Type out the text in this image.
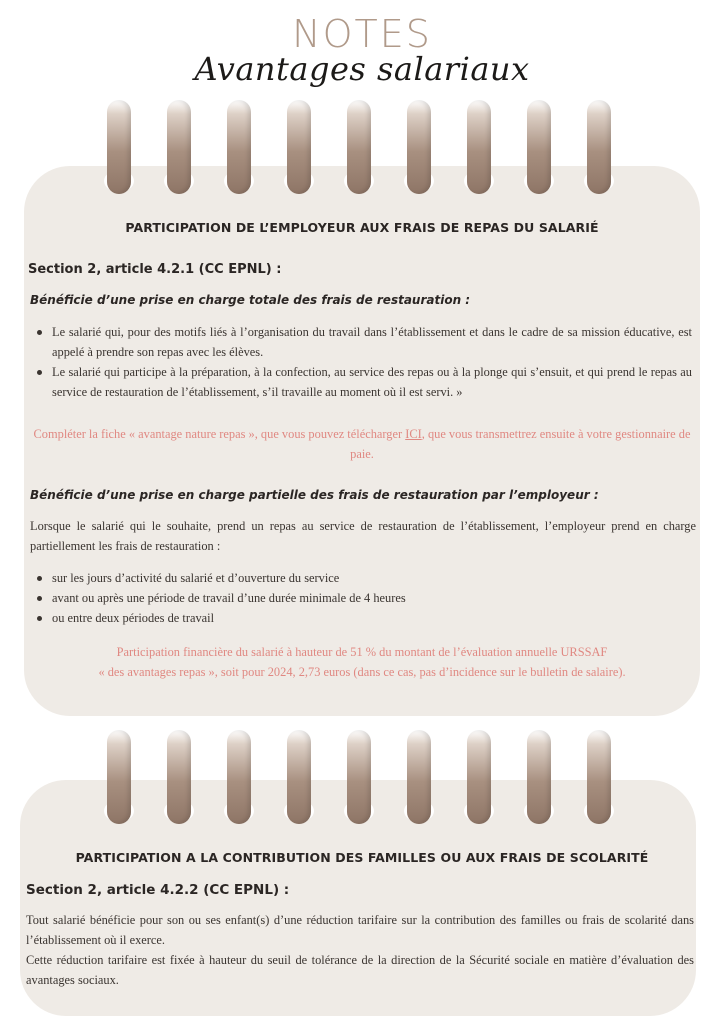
NOTES
Avantages salariaux
PARTICIPATION DE L’EMPLOYEUR AUX FRAIS DE REPAS DU SALARIÉ
Section 2, article 4.2.1 (CC EPNL) :
Bénéficie d’une prise en charge totale des frais de restauration :
Le salarié qui, pour des motifs liés à l’organisation du travail dans l’établissement et dans le cadre de sa mission éducative, est appelé à prendre son repas avec les élèves.
Le salarié qui participe à la préparation, à la confection, au service des repas ou à la plonge qui s’ensuit, et qui prend le repas au service de restauration de l’établissement, s’il travaille au moment où il est servi. »
Compléter la fiche « avantage nature repas », que vous pouvez télécharger ICI, que vous transmettrez ensuite à votre gestionnaire de paie.
Bénéficie d’une prise en charge partielle des frais de restauration par l’employeur :
Lorsque le salarié qui le souhaite, prend un repas au service de restauration de l’établissement, l’employeur prend en charge partiellement les frais de restauration :
sur les jours d’activité du salarié et d’ouverture du service
avant ou après une période de travail d’une durée minimale de 4 heures
ou entre deux périodes de travail
Participation financière du salarié à hauteur de 51 % du montant de l’évaluation annuelle URSSAF
« des avantages repas », soit pour 2024, 2,73 euros (dans ce cas, pas d’incidence sur le bulletin de salaire).
PARTICIPATION A LA CONTRIBUTION DES FAMILLES OU AUX FRAIS DE SCOLARITÉ
Section 2, article 4.2.2 (CC EPNL) :
Tout salarié bénéficie pour son ou ses enfant(s) d’une réduction tarifaire sur la contribution des familles ou frais de scolarité dans l’établissement où il exerce.
Cette réduction tarifaire est fixée à hauteur du seuil de tolérance de la direction de la Sécurité sociale en matière d’évaluation des avantages sociaux.
